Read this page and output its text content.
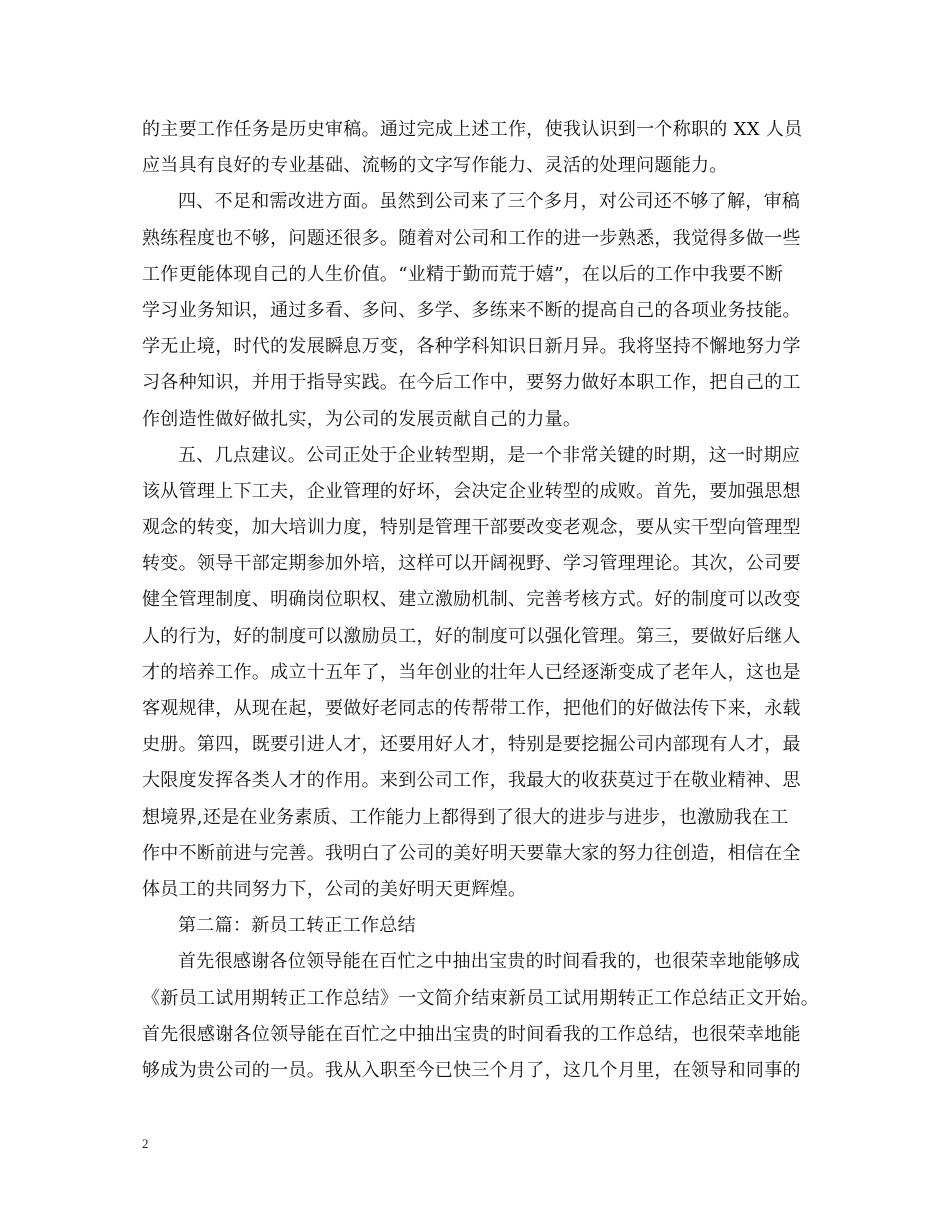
的主要工作任务是历史审稿。通过完成上述工作，使我认识到一个称职的 XX 人员
应当具有良好的专业基础、流畅的文字写作能力、灵活的处理问题能力。
四、不足和需改进方面。虽然到公司来了三个多月，对公司还不够了解，审稿
熟练程度也不够，问题还很多。随着对公司和工作的进一步熟悉，我觉得多做一些
工作更能体现自己的人生价值。“业精于勤而荒于嬉”，在以后的工作中我要不断
学习业务知识，通过多看、多问、多学、多练来不断的提高自己的各项业务技能。
学无止境，时代的发展瞬息万变，各种学科知识日新月异。我将坚持不懈地努力学
习各种知识，并用于指导实践。在今后工作中，要努力做好本职工作，把自己的工
作创造性做好做扎实，为公司的发展贡献自己的力量。
五、几点建议。公司正处于企业转型期，是一个非常关键的时期，这一时期应
该从管理上下工夫，企业管理的好坏，会决定企业转型的成败。首先，要加强思想
观念的转变，加大培训力度，特别是管理干部要改变老观念，要从实干型向管理型
转变。领导干部定期参加外培，这样可以开阔视野、学习管理理论。其次，公司要
健全管理制度、明确岗位职权、建立激励机制、完善考核方式。好的制度可以改变
人的行为，好的制度可以激励员工，好的制度可以强化管理。第三，要做好后继人
才的培养工作。成立十五年了，当年创业的壮年人已经逐渐变成了老年人，这也是
客观规律，从现在起，要做好老同志的传帮带工作，把他们的好做法传下来，永载
史册。第四，既要引进人才，还要用好人才，特别是要挖掘公司内部现有人才，最
大限度发挥各类人才的作用。来到公司工作，我最大的收获莫过于在敬业精神、思
想境界,还是在业务素质、工作能力上都得到了很大的进步与进步，也激励我在工
作中不断前进与完善。我明白了公司的美好明天要靠大家的努力往创造，相信在全
体员工的共同努力下，公司的美好明天更辉煌。
第二篇：新员工转正工作总结
首先很感谢各位领导能在百忙之中抽出宝贵的时间看我的，也很荣幸地能够成
《新员工试用期转正工作总结》一文简介结束新员工试用期转正工作总结正文开始。
首先很感谢各位领导能在百忙之中抽出宝贵的时间看我的工作总结，也很荣幸地能
够成为贵公司的一员。我从入职至今已快三个月了，这几个月里，在领导和同事的
2
